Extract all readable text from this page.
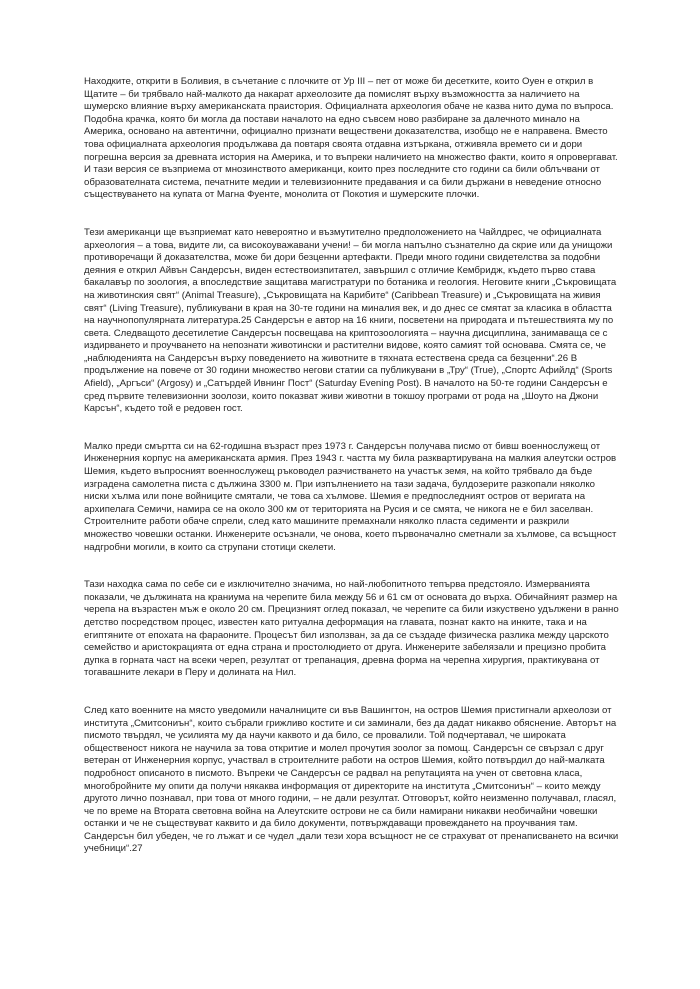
Находките, открити в Боливия, в съчетание с плочките от Ур III – пет от може би десетките, които Оуен е открил в Щатите – би трябвало най-малкото да накарат археолозите да помислят върху възможността за наличието на шумерско влияние върху американската праистория. Официалната археология обаче не казва нито дума по въпроса. Подобна крачка, която би могла да постави началото на едно съвсем ново разбиране за далечното минало на Америка, основано на автентични, официално признати веществени доказателства, изобщо не е направена. Вместо това официалната археология продължава да повтаря своята отдавна изтъркана, отживяла времето си и дори погрешна версия за древната история на Америка, и то въпреки наличието на множество факти, които я опровергават. И тази версия се възприема от мнозинството американци, които през последните сто години са били облъчвани от образователната система, печатните медии и телевизионните предавания и са били държани в неведение относно съществуването на купата от Магна Фуенте, монолита от Покотия и шумерските плочки.

Тези американци ще възприемат като невероятно и възмутително предположението на Чайлдрес, че официалната археология – а това, видите ли, са високоуважавани учени! – би могла напълно съзнателно да скрие или да унищожи противоречащи й доказателства, може би дори безценни артефакти. Преди много години свидетелства за подобни деяния е открил Айвън Сандерсън, виден естествоизпитател, завършил с отличие Кембридж, където първо става бакалавър по зоология, а впоследствие защитава магистратури по ботаника и геология. Неговите книги „Съкровищата на животинския свят“ (Animal Treasure), „Съкровищата на Карибите“ (Caribbean Treasure) и „Съкровищата на живия свят“ (Living Treasure), публикувани в края на 30-те години на миналия век, и до днес се смятат за класика в областта на научнопопулярната литература.25 Сандерсън е автор на 16 книги, посветени на природата и пътешествията му по света. Следващото десетилетие Сандерсън посвещава на криптозоологията – научна дисциплина, занимаваща се с издирването и проучването на непознати животински и растителни видове, която самият той основава. Смята се, че „наблюденията на Сандерсън върху поведението на животните в тяхната естествена среда са безценни“.26 В продължение на повече от 30 години множество негови статии са публикувани в „Тру“ (True), „Спортс Афийлд“ (Sports Afield), „Аргъси“ (Argosy) и „Сатърдей Ивнинг Пост“ (Saturday Evening Post). В началото на 50-те години Сандерсън е сред първите телевизионни зоолози, които показват живи животни в токшоу програми от рода на „Шоуто на Джони Карсън“, където той е редовен гост.

Малко преди смъртта си на 62-годишна възраст през 1973 г. Сандерсън получава писмо от бивш военнослужещ от Инженерния корпус на американската армия. През 1943 г. частта му била разквартирувана на малкия алеутски остров Шемия, където въпросният военнослужещ ръководел разчистването на участък земя, на който трябвало да бъде изградена самолетна писта с дължина 3300 м. При изпълнението на тази задача, булдозерите разкопали няколко ниски хълма или поне войниците смятали, че това са хълмове. Шемия е предпоследният остров от веригата на архипелага Семичи, намира се на около 300 км от територията на Русия и се смята, че никога не е бил заселван. Строителните работи обаче спрели, след като машините премахнали няколко пласта седименти и разкрили множество човешки останки. Инженерите осъзнали, че онова, което първоначално сметнали за хълмове, са всъщност надгробни могили, в които са струпани стотици скелети.

Тази находка сама по себе си е изключително значима, но най-любопитното тепърва предстояло. Измерванията показали, че дължината на краниума на черепите била между 56 и 61 см от основата до върха. Обичайният размер на черепа на възрастен мъж е около 20 см. Прецизният оглед показал, че черепите са били изкуствено удължени в ранно детство посредством процес, известен като ритуална деформация на главата, познат както на инките, така и на египтяните от епохата на фараоните. Процесът бил използван, за да се създаде физическа разлика между царското семейство и аристокрацията от една страна и простолюдието от друга. Инженерите забелязали и прецизно пробита дупка в горната част на всеки череп, резултат от трепанация, древна форма на черепна хирургия, практикувана от тогавашните лекари в Перу и долината на Нил.

След като военните на място уведомили началниците си във Вашингтон, на остров Шемия пристигнали археолози от института „Смитсониън“, които събрали грижливо костите и си заминали, без да дадат никакво обяснение. Авторът на писмото твърдял, че усилията му да научи каквото и да било, се провалили. Той подчертавал, че широката общественост никога не научила за това откритие и молел прочутия зоолог за помощ. Сандерсън се свързал с друг ветеран от Инженерния корпус, участвал в строителните работи на остров Шемия, който потвърдил до най-малката подробност описаното в писмото. Въпреки че Сандерсън се радвал на репутацията на учен от световна класа, многобройните му опити да получи някаква информация от директорите на института „Смитсониън“ – които между другото лично познавал, при това от много години, – не дали резултат. Отговорът, който неизменно получавал, гласял, че по време на Втората световна война на Алеутските острови не са били намирани никакви необичайни човешки останки и че не съществуват каквито и да било документи, потвърждаващи провеждането на проучвания там. Сандерсън бил убеден, че го лъжат и се чудел „дали тези хора всъщност не се страхуват от пренаписването на всички учебници“.27
